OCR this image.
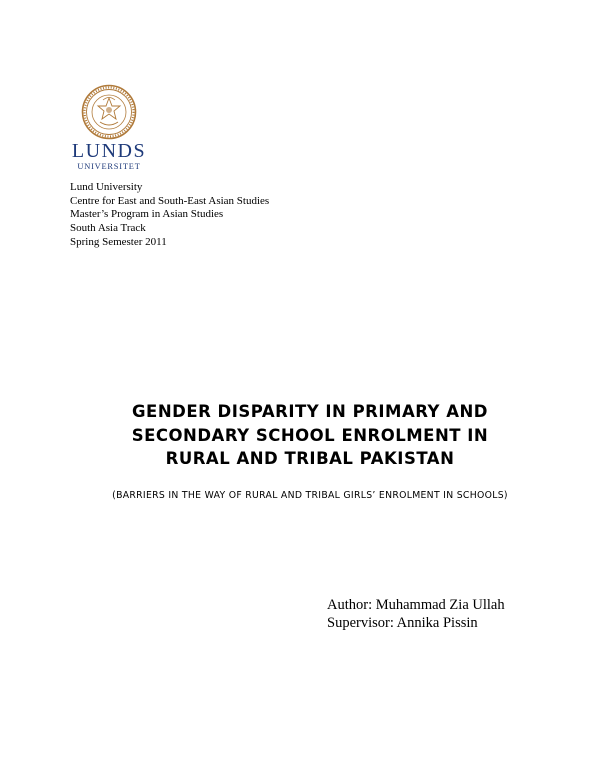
LUNDS
UNIVERSITET
Lund University
Centre for East and South-East Asian Studies
Master’s Program in Asian Studies
South Asia Track
Spring Semester 2011
GENDER DISPARITY IN PRIMARY AND
SECONDARY SCHOOL ENROLMENT IN
RURAL AND TRIBAL PAKISTAN
(BARRIERS IN THE WAY OF RURAL AND TRIBAL GIRLS’ ENROLMENT IN SCHOOLS)
Author: Muhammad Zia Ullah
Supervisor: Annika Pissin
